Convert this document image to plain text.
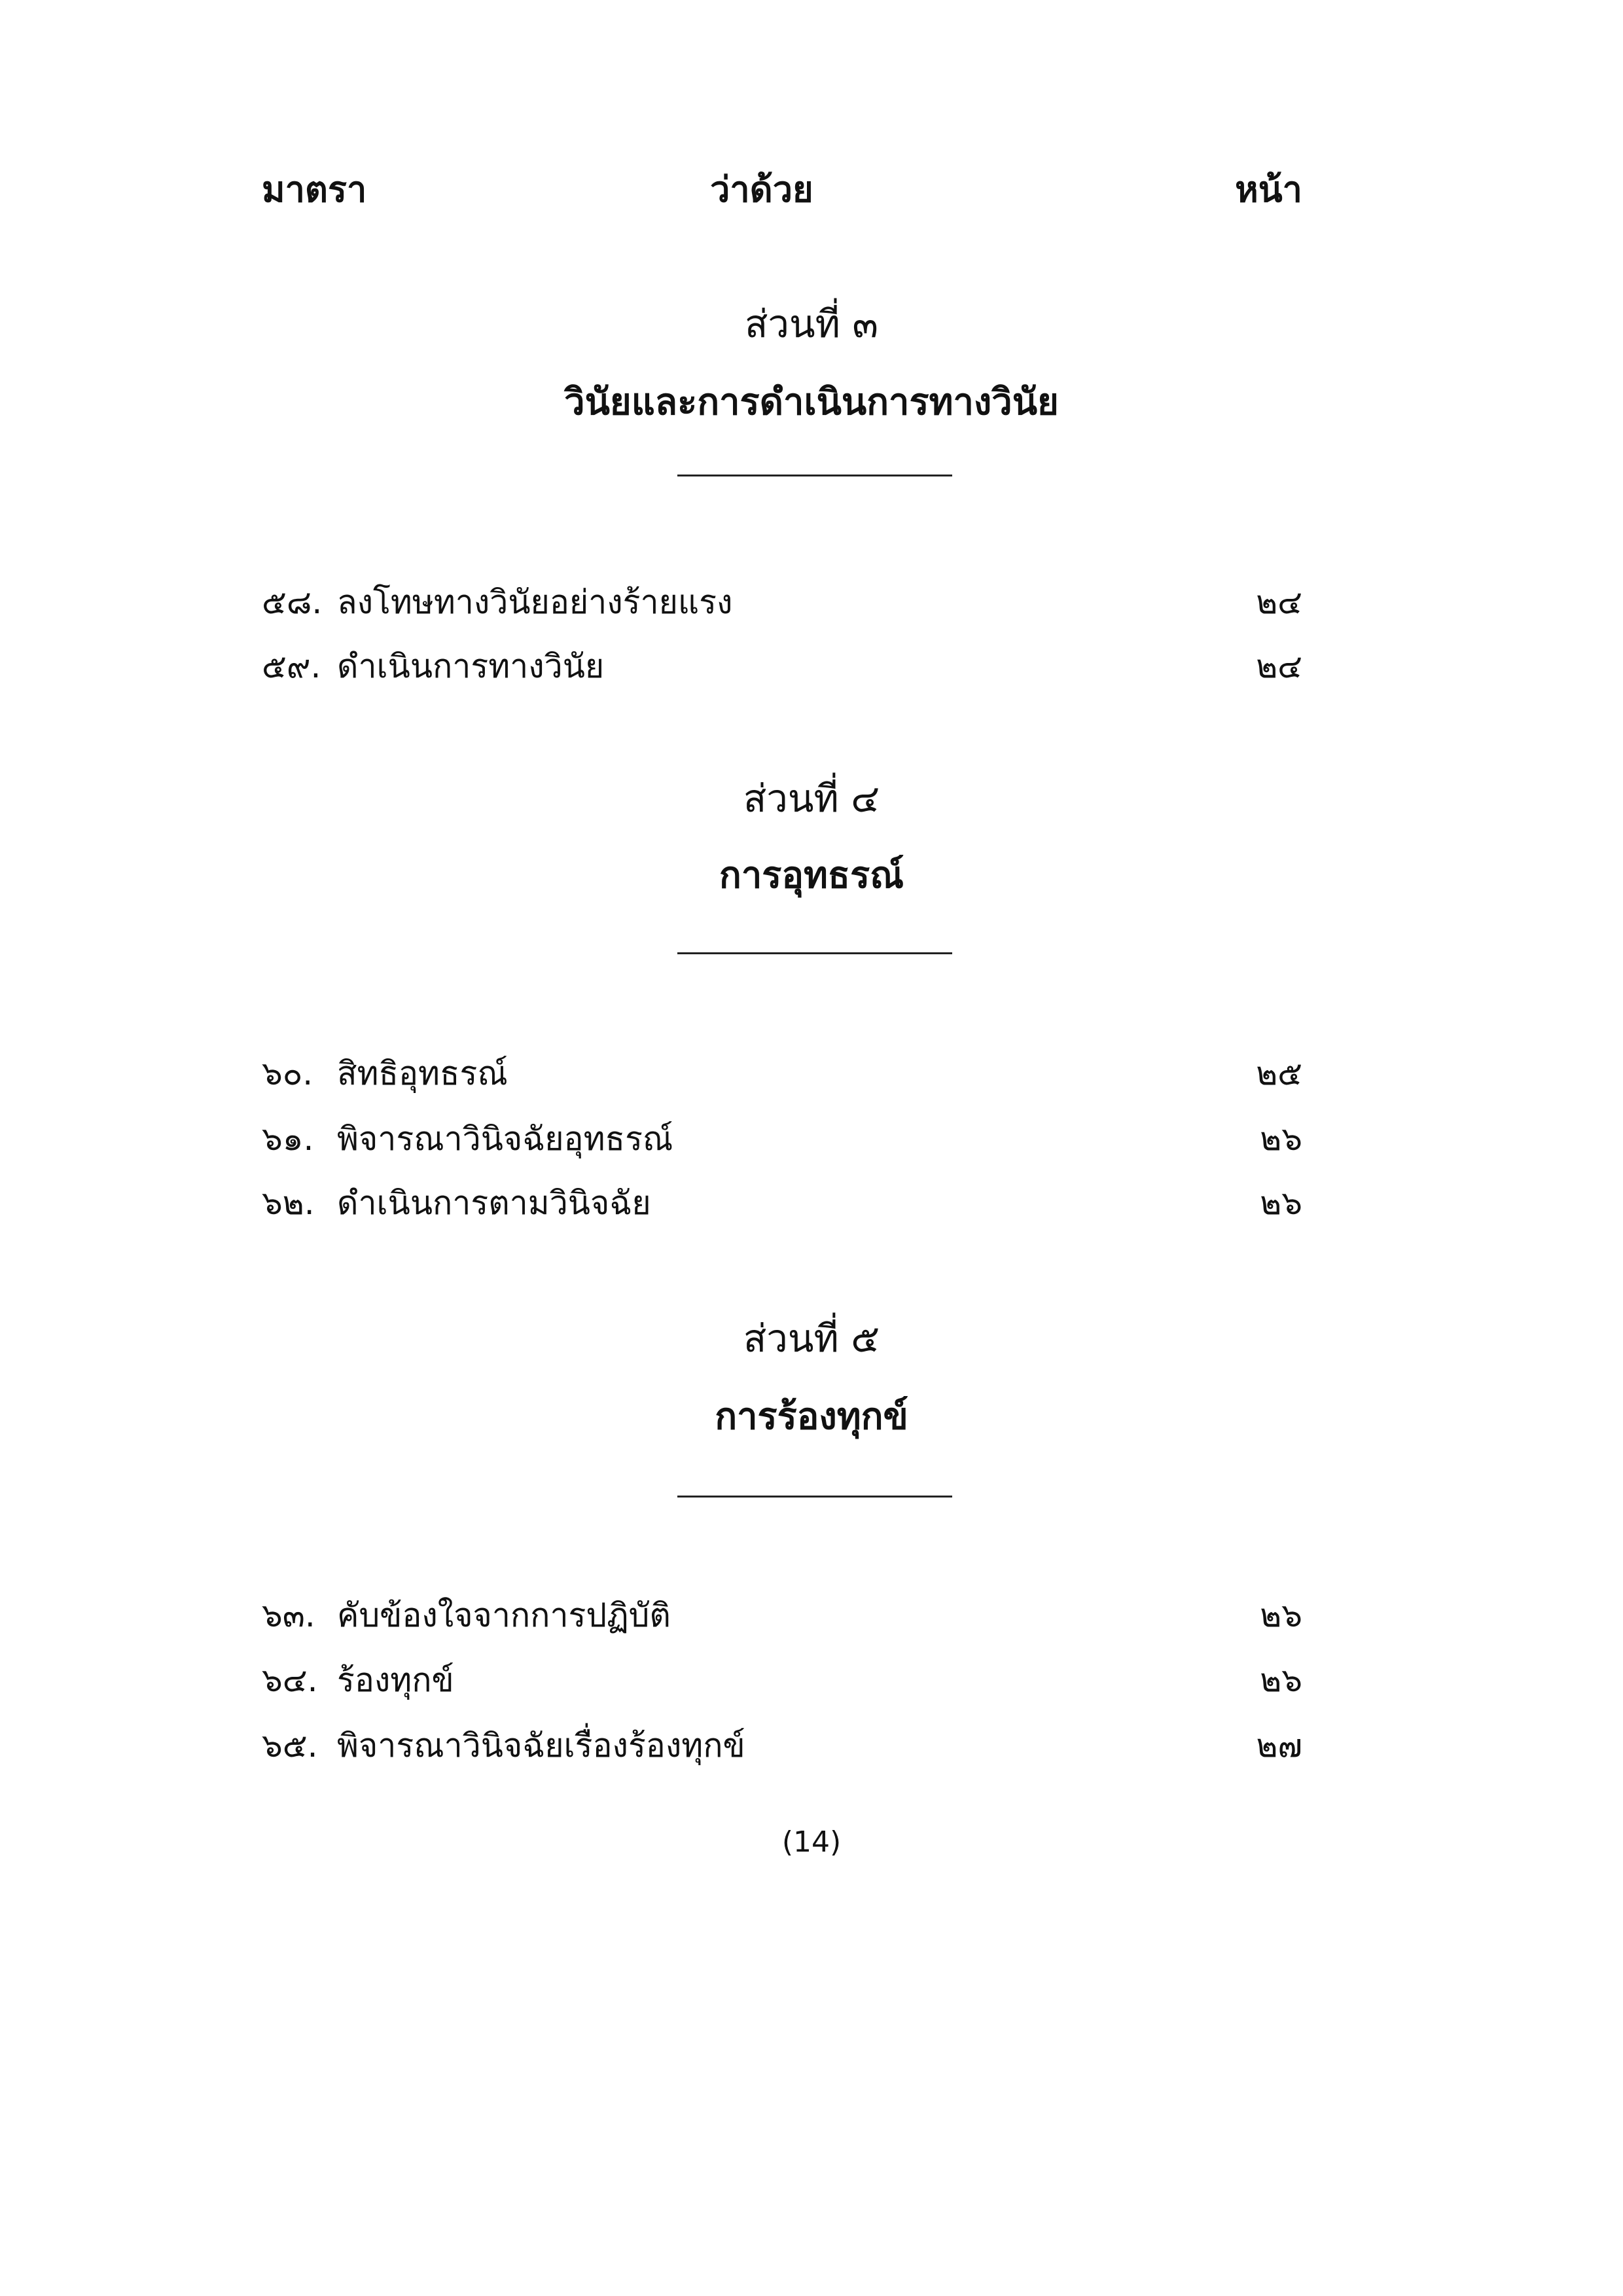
มาตรา	ว่าด้วย	หน้า
ส่วนที่ ๓
วินัยและการดำเนินการทางวินัย
๕๘. ลงโทษทางวินัยอย่างร้ายแรง	๒๔
๕๙. ดำเนินการทางวินัย	๒๔
ส่วนที่ ๔
การอุทธรณ์
๖๐. สิทธิอุทธรณ์	๒๕
๖๑. พิจารณาวินิจฉัยอุทธรณ์	๒๖
๖๒. ดำเนินการตามวินิจฉัย	๒๖
ส่วนที่ ๕
การร้องทุกข์
๖๓. คับข้องใจจากการปฏิบัติ	๒๖
๖๔. ร้องทุกข์	๒๖
๖๕. พิจารณาวินิจฉัยเรื่องร้องทุกข์	๒๗
(14)
